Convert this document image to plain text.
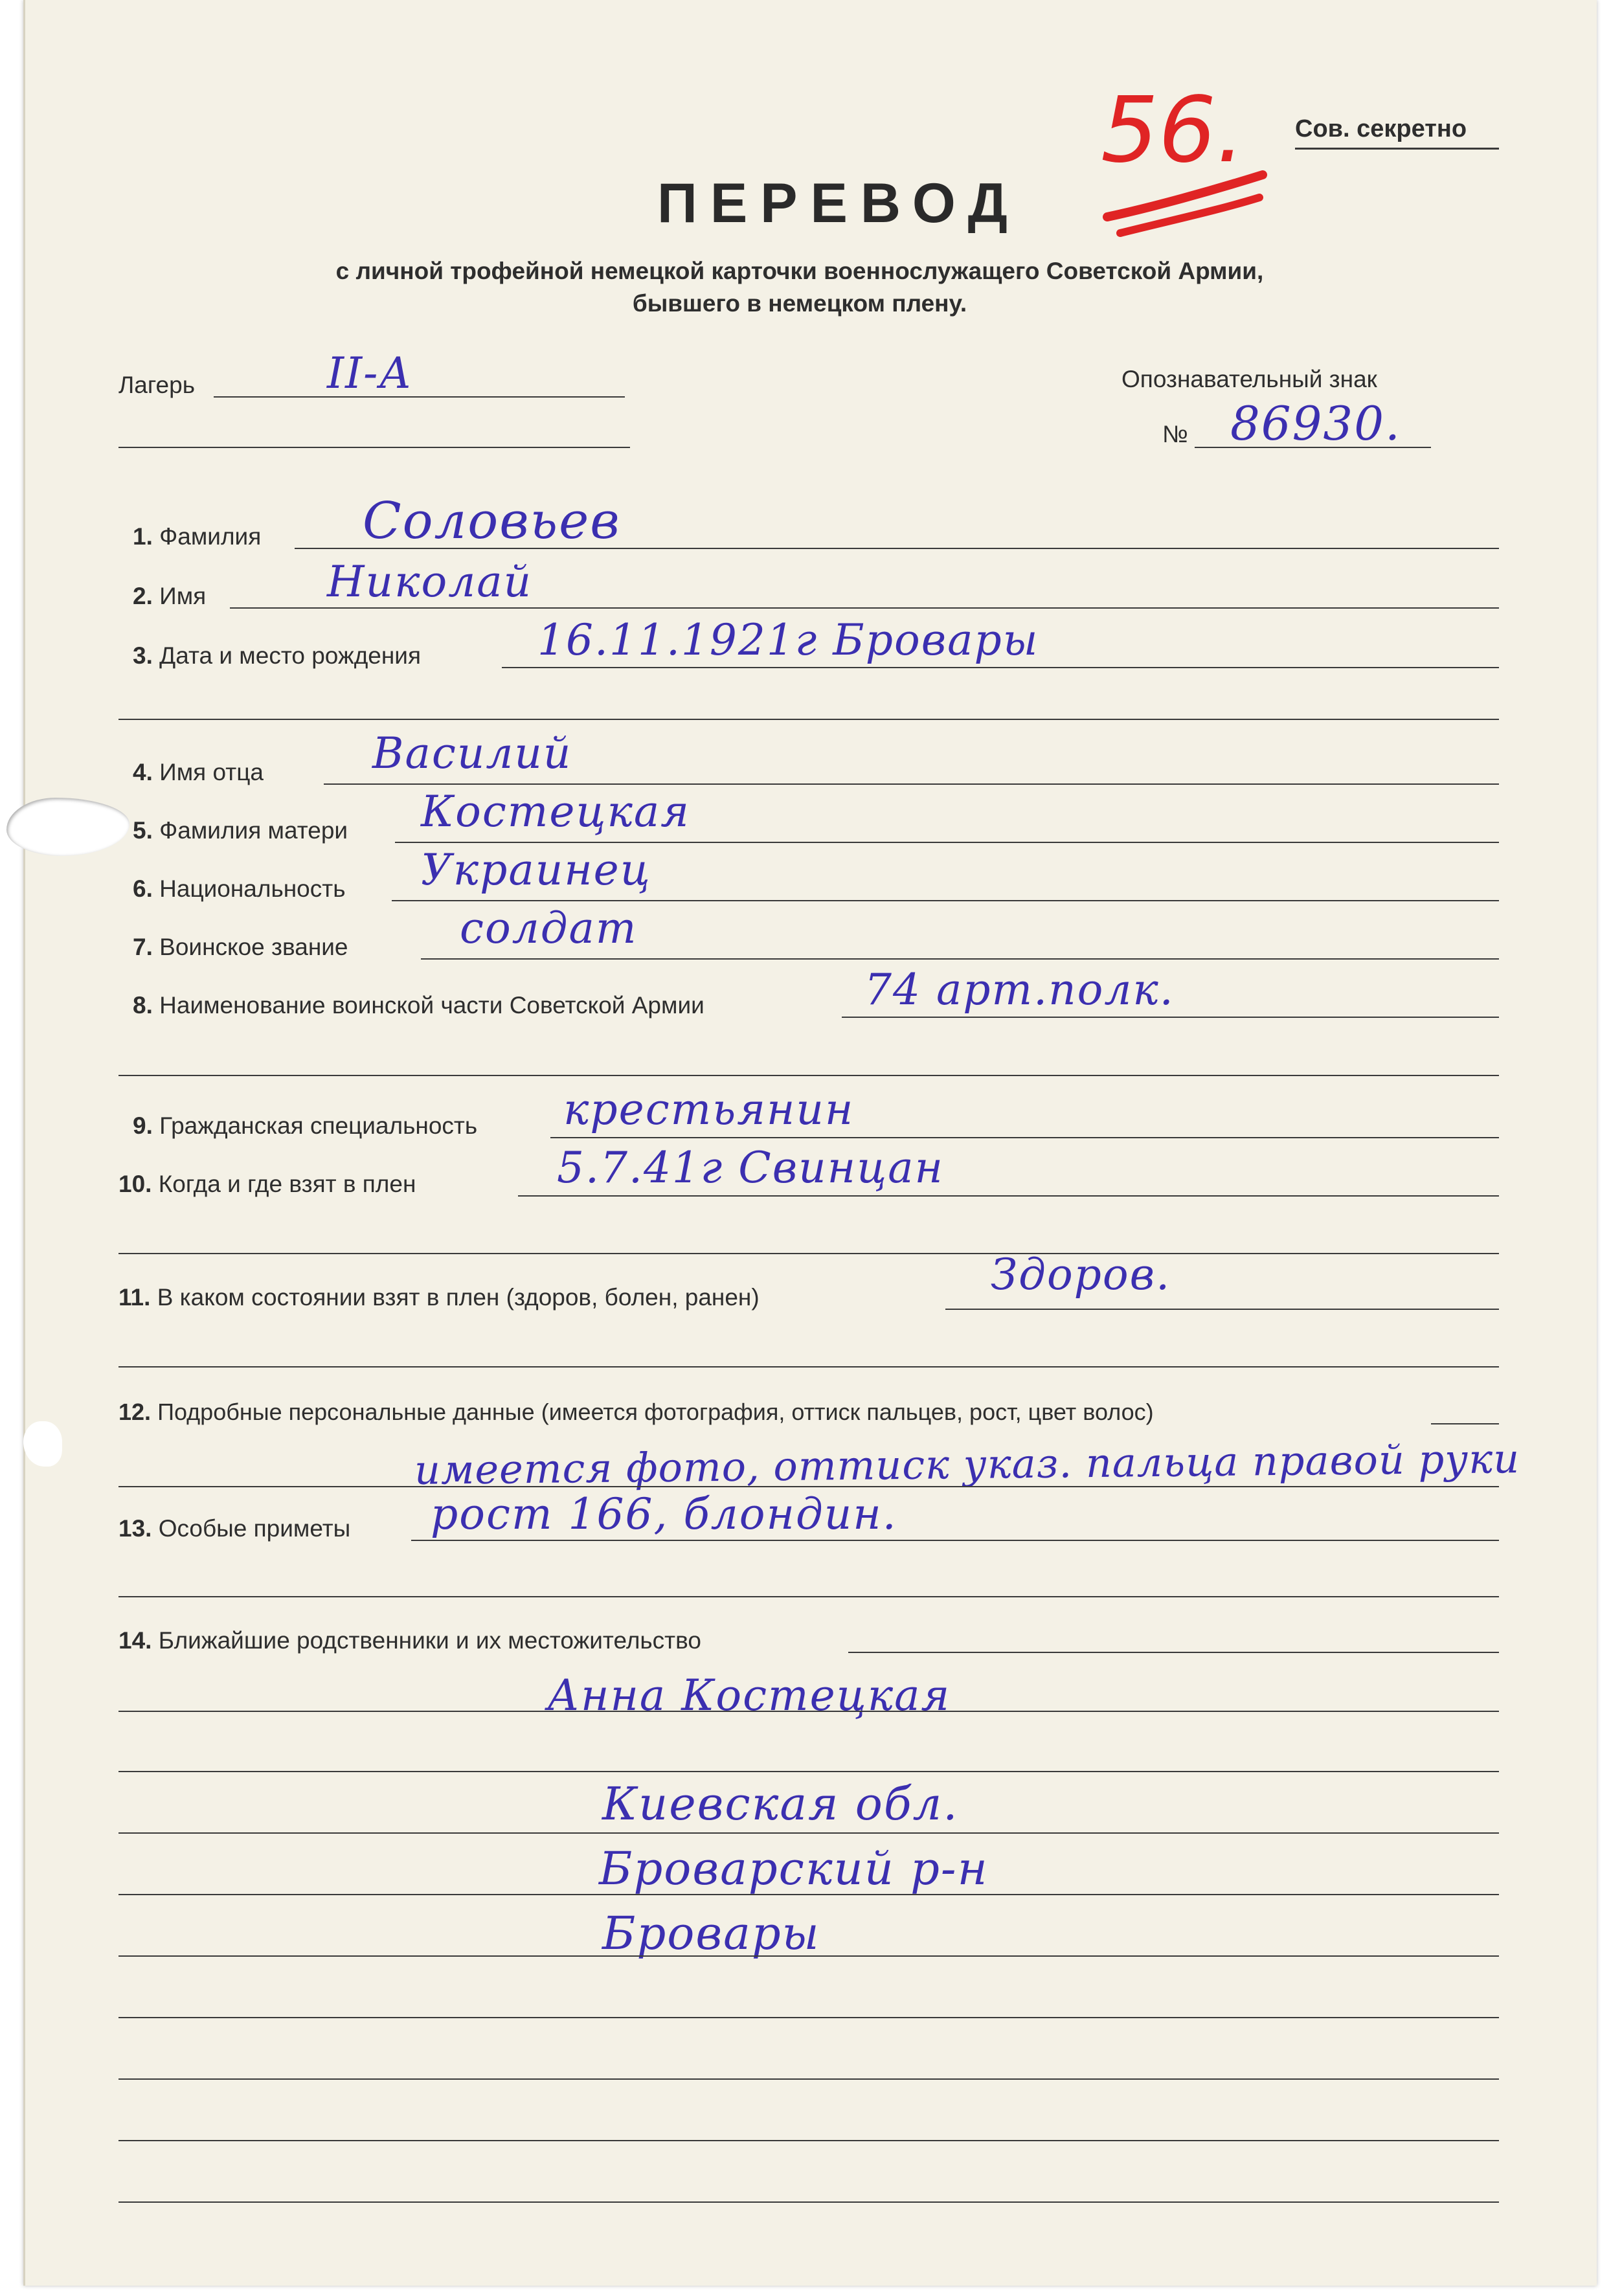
56. Сов. секретно
ПЕРЕВОД
с личной трофейной немецкой карточки военнослужащего Советской Армии,
бывшего в немецком плену.
Лагерь	II-А	Опознавательный знак
№ 86930.
1. Фамилия Соловьев
2. Имя	Николай
3. Дата и место рождения	16.11.1921г Бровары
4. Имя отца	Василий
5. Фамилия матери Костецкая
6. Национальность Украинец
7. Воинское звание	солдат
8. Наименование воинской части Советской Армии	74 арт.полк.
9. Гражданская специальность крестьянин
10. Когда и где взят в плен	5.7.41г Свинцан
11. В каком состоянии взят в плен (здоров, болен, ранен)	Здоров.
12. Подробные персональные данные (имеется фотография, оттиск пальцев, рост, цвет волос)
имеется фото, оттиск указ. пальца правой руки
13. Особые приметы рост 166, блондин.
14. Ближайшие родственники и их местожительство
Анна Костецкая
Киевская обл.
Броварский р-н
Бровары
